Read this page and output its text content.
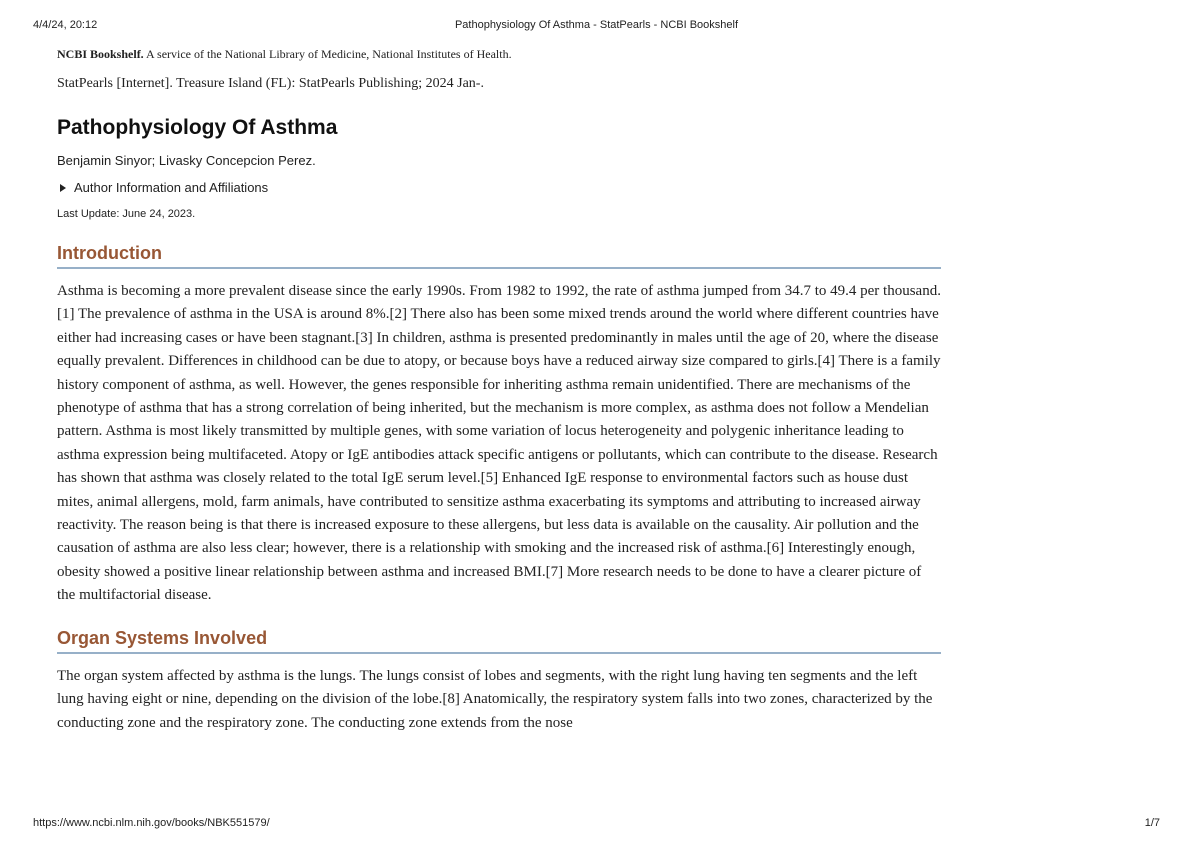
4/4/24, 20:12	Pathophysiology Of Asthma - StatPearls - NCBI Bookshelf

NCBI Bookshelf. A service of the National Library of Medicine, National Institutes of Health.

StatPearls [Internet]. Treasure Island (FL): StatPearls Publishing; 2024 Jan-.

Pathophysiology Of Asthma

Benjamin Sinyor; Livasky Concepcion Perez.

Author Information and Affiliations

Last Update: June 24, 2023.

Introduction

Asthma is becoming a more prevalent disease since the early 1990s. From 1982 to 1992, the rate of asthma jumped from 34.7 to 49.4 per thousand.[1] The prevalence of asthma in the USA is around 8%.[2] There also has been some mixed trends around the world where different countries have either had increasing cases or have been stagnant.[3] In children, asthma is presented predominantly in males until the age of 20, where the disease equally prevalent. Differences in childhood can be due to atopy, or because boys have a reduced airway size compared to girls.[4] There is a family history component of asthma, as well. However, the genes responsible for inheriting asthma remain unidentified. There are mechanisms of the phenotype of asthma that has a strong correlation of being inherited, but the mechanism is more complex, as asthma does not follow a Mendelian pattern. Asthma is most likely transmitted by multiple genes, with some variation of locus heterogeneity and polygenic inheritance leading to asthma expression being multifaceted. Atopy or IgE antibodies attack specific antigens or pollutants, which can contribute to the disease. Research has shown that asthma was closely related to the total IgE serum level.[5] Enhanced IgE response to environmental factors such as house dust mites, animal allergens, mold, farm animals, have contributed to sensitize asthma exacerbating its symptoms and attributing to increased airway reactivity. The reason being is that there is increased exposure to these allergens, but less data is available on the causality. Air pollution and the causation of asthma are also less clear; however, there is a relationship with smoking and the increased risk of asthma.[6] Interestingly enough, obesity showed a positive linear relationship between asthma and increased BMI.[7] More research needs to be done to have a clearer picture of the multifactorial disease.

Organ Systems Involved

The organ system affected by asthma is the lungs. The lungs consist of lobes and segments, with the right lung having ten segments and the left lung having eight or nine, depending on the division of the lobe.[8] Anatomically, the respiratory system falls into two zones, characterized by the conducting zone and the respiratory zone. The conducting zone extends from the nose

https://www.ncbi.nlm.nih.gov/books/NBK551579/	1/7
